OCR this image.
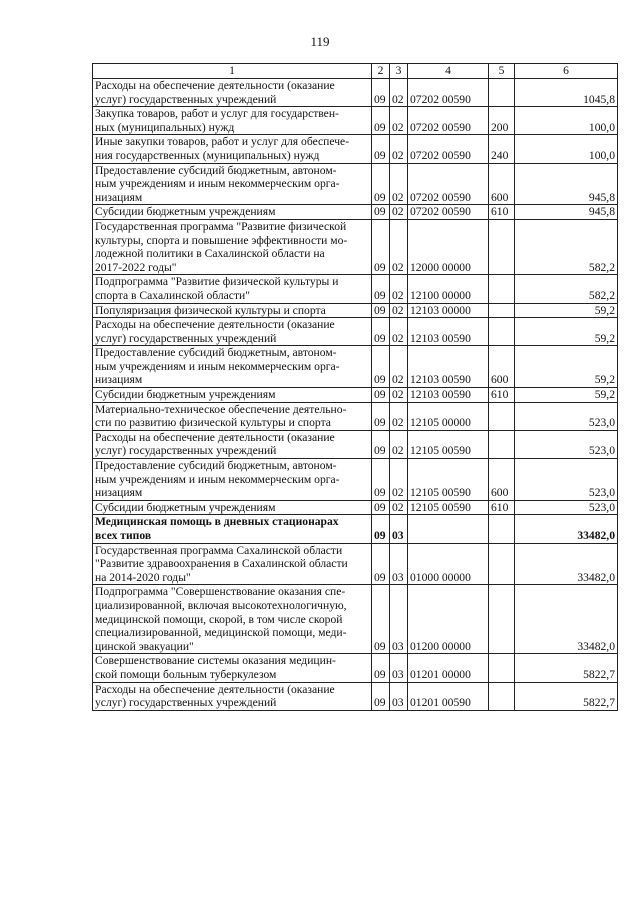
119
1	2	3	4	5	6
Расходы на обеспечение деятельности (оказание
услуг) государственных учреждений	09	02	07202 00590		1045,8
Закупка товаров, работ и услуг для государствен-
ных (муниципальных) нужд	09	02	07202 00590	200	100,0
Иные закупки товаров, работ и услуг для обеспече-
ния государственных (муниципальных) нужд	09	02	07202 00590	240	100,0
Предоставление субсидий бюджетным, автоном-
ным учреждениям и иным некоммерческим орга-
низациям	09	02	07202 00590	600	945,8
Субсидии бюджетным учреждениям	09	02	07202 00590	610	945,8
Государственная программа "Развитие физической
культуры, спорта и повышение эффективности мо-
лодежной политики в Сахалинской области на
2017-2022 годы"	09	02	12000 00000		582,2
Подпрограмма "Развитие физической культуры и
спорта в Сахалинской области"	09	02	12100 00000		582,2
Популяризация физической культуры и спорта	09	02	12103 00000		59,2
Расходы на обеспечение деятельности (оказание
услуг) государственных учреждений	09	02	12103 00590		59,2
Предоставление субсидий бюджетным, автоном-
ным учреждениям и иным некоммерческим орга-
низациям	09	02	12103 00590	600	59,2
Субсидии бюджетным учреждениям	09	02	12103 00590	610	59,2
Материально-техническое обеспечение деятельно-
сти по развитию физической культуры и спорта	09	02	12105 00000		523,0
Расходы на обеспечение деятельности (оказание
услуг) государственных учреждений	09	02	12105 00590		523,0
Предоставление субсидий бюджетным, автоном-
ным учреждениям и иным некоммерческим орга-
низациям	09	02	12105 00590	600	523,0
Субсидии бюджетным учреждениям	09	02	12105 00590	610	523,0
Медицинская помощь в дневных стационарах
всех типов	09	03			33482,0
Государственная программа Сахалинской области
"Развитие здравоохранения в Сахалинской области
на 2014-2020 годы"	09	03	01000 00000		33482,0
Подпрограмма "Совершенствование оказания спе-
циализированной, включая высокотехнологичную,
медицинской помощи, скорой, в том числе скорой
специализированной, медицинской помощи, меди-
цинской эвакуации"	09	03	01200 00000		33482,0
Совершенствование системы оказания медицин-
ской помощи больным туберкулезом	09	03	01201 00000		5822,7
Расходы на обеспечение деятельности (оказание
услуг) государственных учреждений	09	03	01201 00590		5822,7
